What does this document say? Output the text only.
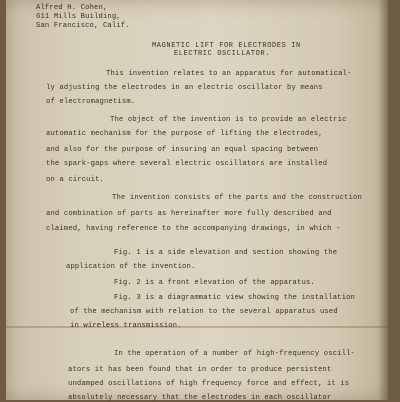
Alfred H. Cohen,
611 Mills Building,
San Francisco, Calif.
MAGNETIC LIFT FOR ELECTRODES IN
ELECTRIC OSCILLATOR.
This invention relates to an apparatus for automatical-
ly adjusting the electrodes in an electric oscillator by means
of electromagnetism.
The object of the invention is to provide an electric
automatic mechanism for the purpose of lifting the electrodes,
and also for the purpose of insuring an equal spacing between
the spark-gaps where several electric oscillators are installed
on a circuit.
The invention consists of the parts and the construction
and combination of parts as hereinafter more fully described and
claimed, having reference to the accompanying drawings, in which -
Fig. 1 is a side elevation and section showing the
application of the invention.
Fig. 2 is a front elevation of the apparatus.
Fig. 3 is a diagrammatic view showing the installation
of the mechanism with relation to the several apparatus used
in wireless transmission.
In the operation of a number of high-frequency oscill-
ators it has been found that in order to produce persistent
undamped oscillations of high frequency force and effect, it is
absolutely necessary that the electrodes in each oscillator
